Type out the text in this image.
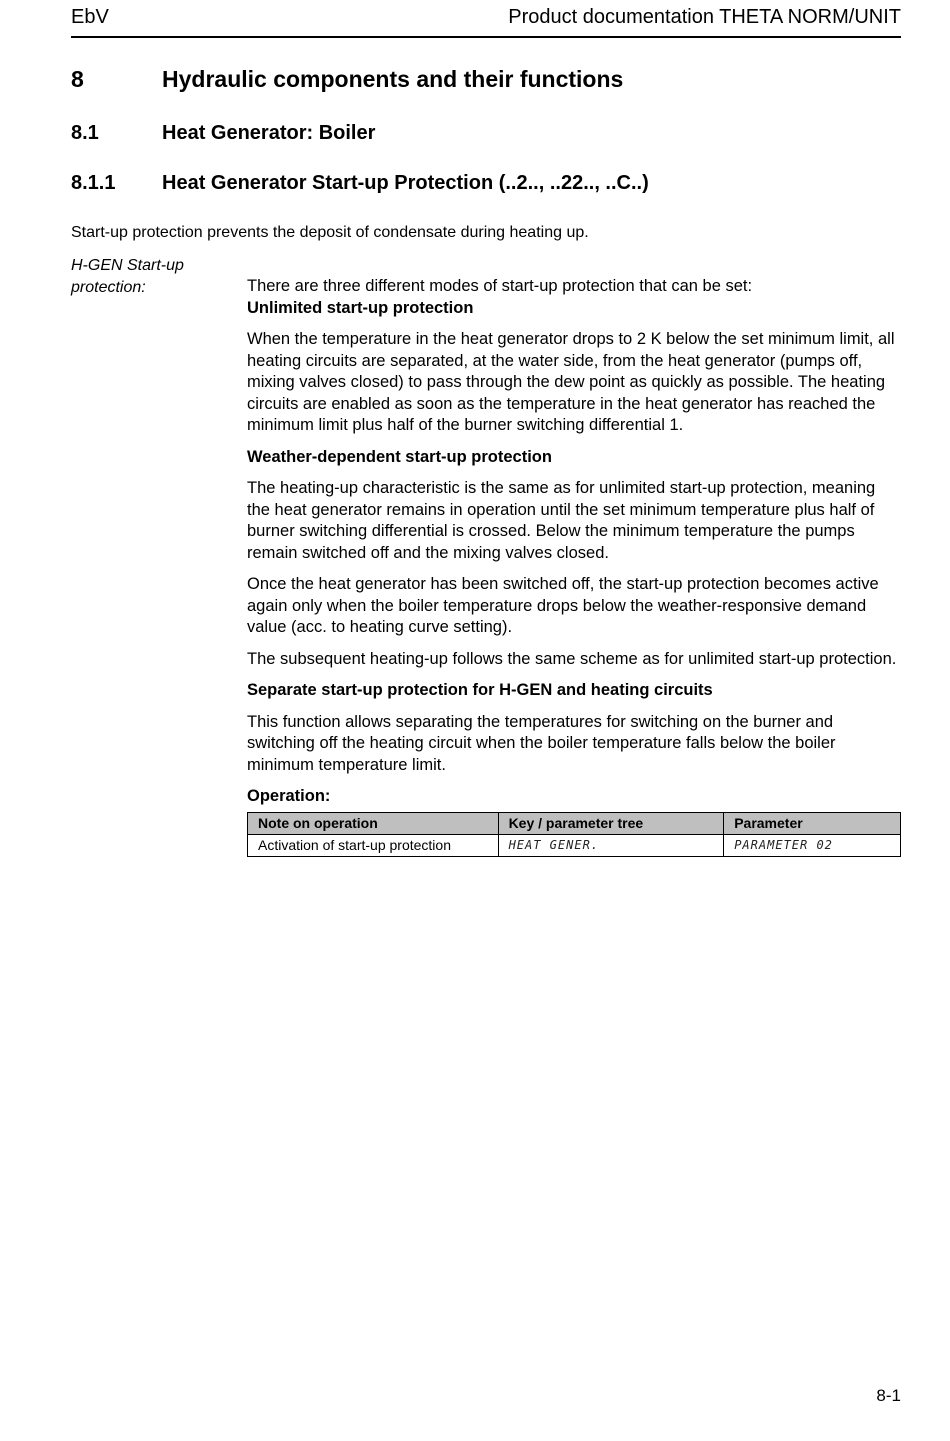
EbV	Product documentation THETA NORM/UNIT
8	Hydraulic components and their functions
8.1	Heat Generator: Boiler
8.1.1 Heat Generator Start-up Protection (..2.., ..22.., ..C..)
Start-up protection prevents the deposit of condensate during heating up.
H-GEN Start-up protection:	There are three different modes of start-up protection that can be set:

Unlimited start-up protection

When the temperature in the heat generator drops to 2 K below the set minimum limit, all heating circuits are separated, at the water side, from the heat generator (pumps off, mixing valves closed) to pass through the dew point as quickly as possible. The heating circuits are enabled as soon as the temperature in the heat generator has reached the minimum limit plus half of the burner switching differential 1.

Weather-dependent start-up protection

The heating-up characteristic is the same as for unlimited start-up protection, meaning the heat generator remains in operation until the set minimum temperature plus half of burner switching differential is crossed. Below the minimum temperature the pumps remain switched off and the mixing valves closed.

Once the heat generator has been switched off, the start-up protection becomes active again only when the boiler temperature drops below the weather-responsive demand value (acc. to heating curve setting).

The subsequent heating-up follows the same scheme as for unlimited start-up protection.

Separate start-up protection for H-GEN and heating circuits

This function allows separating the temperatures for switching on the burner and switching off the heating circuit when the boiler temperature falls below the boiler minimum temperature limit.

Operation:

Note on operation	Key / parameter tree	Parameter
Activation of start-up protection	HEAT GENER.	PARAMETER 02
8-1
